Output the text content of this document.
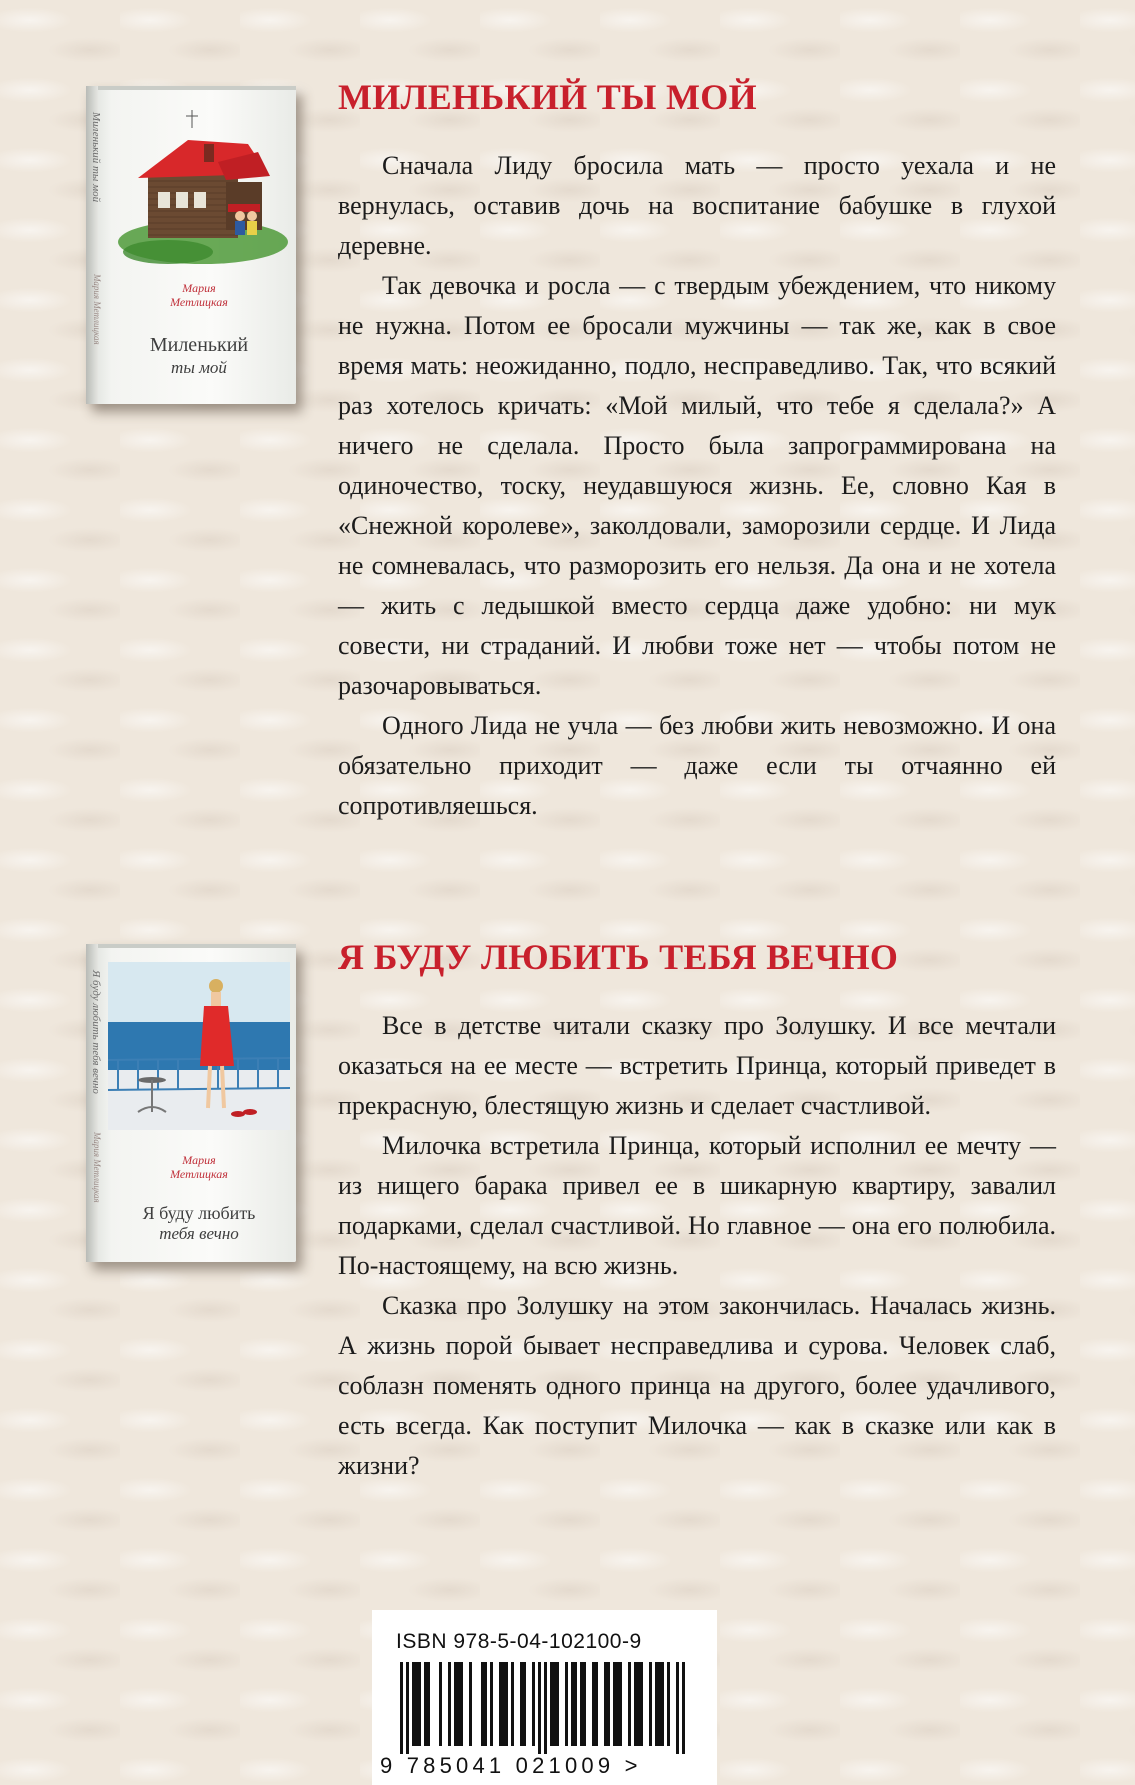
Миленький ты мой
Мария Метлицкая	Мария
Метлицкая
Миленький
ты мой
МИЛЕНЬКИЙ ТЫ МОЙ

Сначала Лиду бросила мать — просто уехала и не вернулась, оставив дочь на воспитание бабушке в глухой деревне.

Так девочка и росла — с твердым убеждением, что никому не нужна. Потом ее бросали мужчины — так же, как в свое время мать: неожиданно, подло, несправедливо. Так, что всякий раз хотелось кричать: «Мой милый, что тебе я сделала?» А ничего не сделала. Просто была запрограммирована на одиночество, тоску, неудавшуюся жизнь. Ее, словно Кая в «Снежной королеве», заколдовали, заморозили сердце. И Лида не сомневалась, что разморозить его нельзя. Да она и не хотела — жить с ледышкой вместо сердца даже удобно: ни мук совести, ни страданий. И любви тоже нет — чтобы потом не разочаровываться.

Одного Лида не учла — без любви жить невозможно. И она обязательно приходит — даже если ты отчаянно ей сопротивляешься.

Я буду любить тебя вечно
Мария Метлицкая	Мария
Метлицкая
Я буду любить
тебя вечно
Я БУДУ ЛЮБИТЬ ТЕБЯ ВЕЧНО

Все в детстве читали сказку про Золушку. И все мечтали оказаться на ее месте — встретить Принца, который приведет в прекрасную, блестящую жизнь и сделает счастливой.

Милочка встретила Принца, который исполнил ее мечту — из нищего барака привел ее в шикарную квартиру, завалил подарками, сделал счастливой. Но главное — она его полюбила. По-настоящему, на всю жизнь.

Сказка про Золушку на этом закончилась. Началась жизнь. А жизнь порой бывает несправедлива и сурова. Человек слаб, соблазн поменять одного принца на другого, более удачливого, есть всегда. Как поступит Милочка — как в сказке или как в жизни?

ISBN 978-5-04-102100-9
9 785041 021009 >
